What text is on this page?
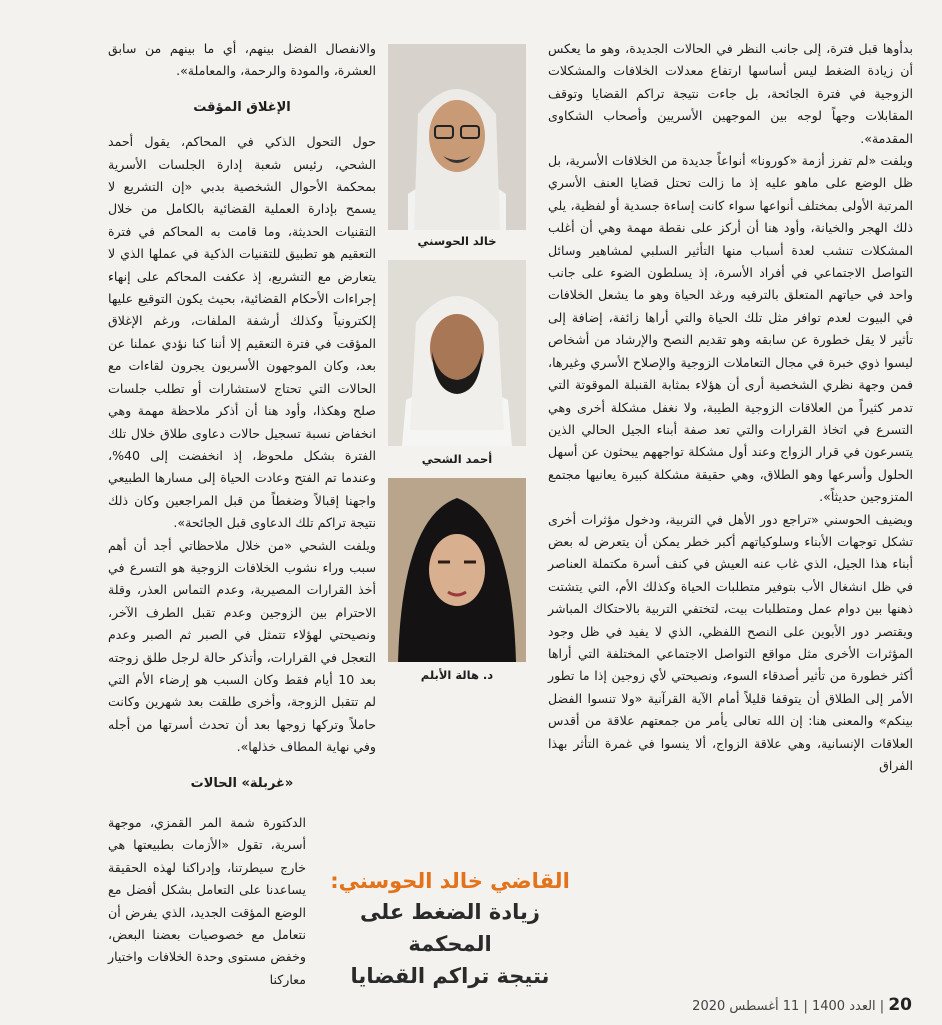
بدأوها قبل فترة، إلى جانب النظر في الحالات الجديدة، وهو ما يعكس أن زيادة الضغط ليس أساسها ارتفاع معدلات الخلافات والمشكلات الزوجية في فترة الجائحة، بل جاءت نتيجة تراكم القضايا وتوقف المقابلات وجهاً لوجه بين الموجهين الأسريين وأصحاب الشكاوى المقدمة».

ويلفت «لم تفرز أزمة «كورونا» أنواعاً جديدة من الخلافات الأسرية، بل ظل الوضع على ماهو عليه إذ ما زالت تحتل قضايا العنف الأسري المرتبة الأولى بمختلف أنواعها سواء كانت إساءة جسدية أو لفظية، يلي ذلك الهجر والخيانة، وأود هنا أن أركز على نقطة مهمة وهي أن أغلب المشكلات تنشب لعدة أسباب منها التأثير السلبي لمشاهير وسائل التواصل الاجتماعي في أفراد الأسرة، إذ يسلطون الضوء على جانب واحد في حياتهم المتعلق بالترفيه ورغد الحياة وهو ما يشعل الخلافات في البيوت لعدم توافر مثل تلك الحياة والتي أراها زائفة، إضافة إلى تأثير لا يقل خطورة عن سابقه وهو تقديم النصح والإرشاد من أشخاص ليسوا ذوي خبرة في مجال التعاملات الزوجية والإصلاح الأسري وغيرها، فمن وجهة نظري الشخصية أرى أن هؤلاء بمثابة القنبلة الموقوتة التي تدمر كثيراً من العلاقات الزوجية الطيبة، ولا نغفل مشكلة أخرى وهي التسرع في اتخاذ القرارات والتي تعد صفة أبناء الجيل الحالي الذين يتسرعون في قرار الزواج وعند أول مشكلة تواجههم يبحثون عن أسهل الحلول وأسرعها وهو الطلاق، وهي حقيقة مشكلة كبيرة يعانيها مجتمع المتزوجين حديثاً».

ويضيف الحوسني «تراجع دور الأهل في التربية، ودخول مؤثرات أخرى تشكل توجهات الأبناء وسلوكياتهم أكبر خطر يمكن أن يتعرض له بعض أبناء هذا الجيل، الذي غاب عنه العيش في كنف أسرة مكتملة العناصر في ظل انشغال الأب بتوفير متطلبات الحياة وكذلك الأم، التي يتشتت ذهنها بين دوام عمل ومتطلبات بيت، لتختفي التربية بالاحتكاك المباشر ويقتصر دور الأبوين على النصح اللفظي، الذي لا يفيد في ظل وجود المؤثرات الأخرى مثل مواقع التواصل الاجتماعي المختلفة التي أراها أكثر خطورة من تأثير أصدقاء السوء، ونصيحتي لأي زوجين إذا ما تطور الأمر إلى الطلاق أن يتوقفا قليلاً أمام الآية القرآنية «ولا تنسوا الفضل بينكم» والمعنى هنا: إن الله تعالى يأمر من جمعتهم علاقة من أقدس العلاقات الإنسانية، وهي علاقة الزواج، ألا ينسوا في غمرة التأثر بهذا الفراق

خالد الحوسني
أحمد الشحي
د. هالة الأبلم

والانفصال الفضل بينهم، أي ما بينهم من سابق العشرة، والمودة والرحمة، والمعاملة».

الإغلاق المؤقت

حول التحول الذكي في المحاكم، يقول أحمد الشحي، رئيس شعبة إدارة الجلسات الأسرية بمحكمة الأحوال الشخصية بدبي «إن التشريع لا يسمح بإدارة العملية القضائية بالكامل من خلال التقنيات الحديثة، وما قامت به المحاكم في فترة التعقيم هو تطبيق للتقنيات الذكية في عملها الذي لا يتعارض مع التشريع، إذ عكفت المحاكم على إنهاء إجراءات الأحكام القضائية، بحيث يكون التوقيع عليها إلكترونياً وكذلك أرشفة الملفات، ورغم الإغلاق المؤقت في فترة التعقيم إلا أننا كنا نؤدي عملنا عن بعد، وكان الموجهون الأسريون يجرون لقاءات مع الحالات التي تحتاج لاستشارات أو تطلب جلسات صلح وهكذا، وأود هنا أن أذكر ملاحظة مهمة وهي انخفاض نسبة تسجيل حالات دعاوى طلاق خلال تلك الفترة بشكل ملحوظ، إذ انخفضت إلى 40%، وعندما تم الفتح وعادت الحياة إلى مسارها الطبيعي واجهنا إقبالاً وضغطاً من قبل المراجعين وكان ذلك نتيجة تراكم تلك الدعاوى قبل الجائحة».

ويلفت الشحي «من خلال ملاحظاتي أجد أن أهم سبب وراء نشوب الخلافات الزوجية هو التسرع في أخذ القرارات المصيرية، وعدم التماس العذر، وقلة الاحترام بين الزوجين وعدم تقبل الطرف الآخر، ونصيحتي لهؤلاء تتمثل في الصبر ثم الصبر وعدم التعجل في القرارات، وأتذكر حالة لرجل طلق زوجته بعد 10 أيام فقط وكان السبب هو إرضاء الأم التي لم تتقبل الزوجة، وأخرى طلقت بعد شهرين وكانت حاملاً وتركها زوجها بعد أن تحدث أسرتها من أجله وفي نهاية المطاف خذلها».

«غربلة» الحالات
الدكتورة شمة المر القمزي، موجهة أسرية، تقول «الأزمات بطبيعتها هي خارج سيطرتنا، وإدراكنا لهذه الحقيقة يساعدنا على التعامل بشكل أفضل مع الوضع المؤقت الجديد، الذي يفرض أن نتعامل مع خصوصيات بعضنا البعض، وخفض مستوى وحدة الخلافات واختيار معاركنا
القاضي خالد الحوسني:
زيادة الضغط على المحكمة
نتيجة تراكم القضايا
20 | العدد 1400 | 11 أغسطس 2020
